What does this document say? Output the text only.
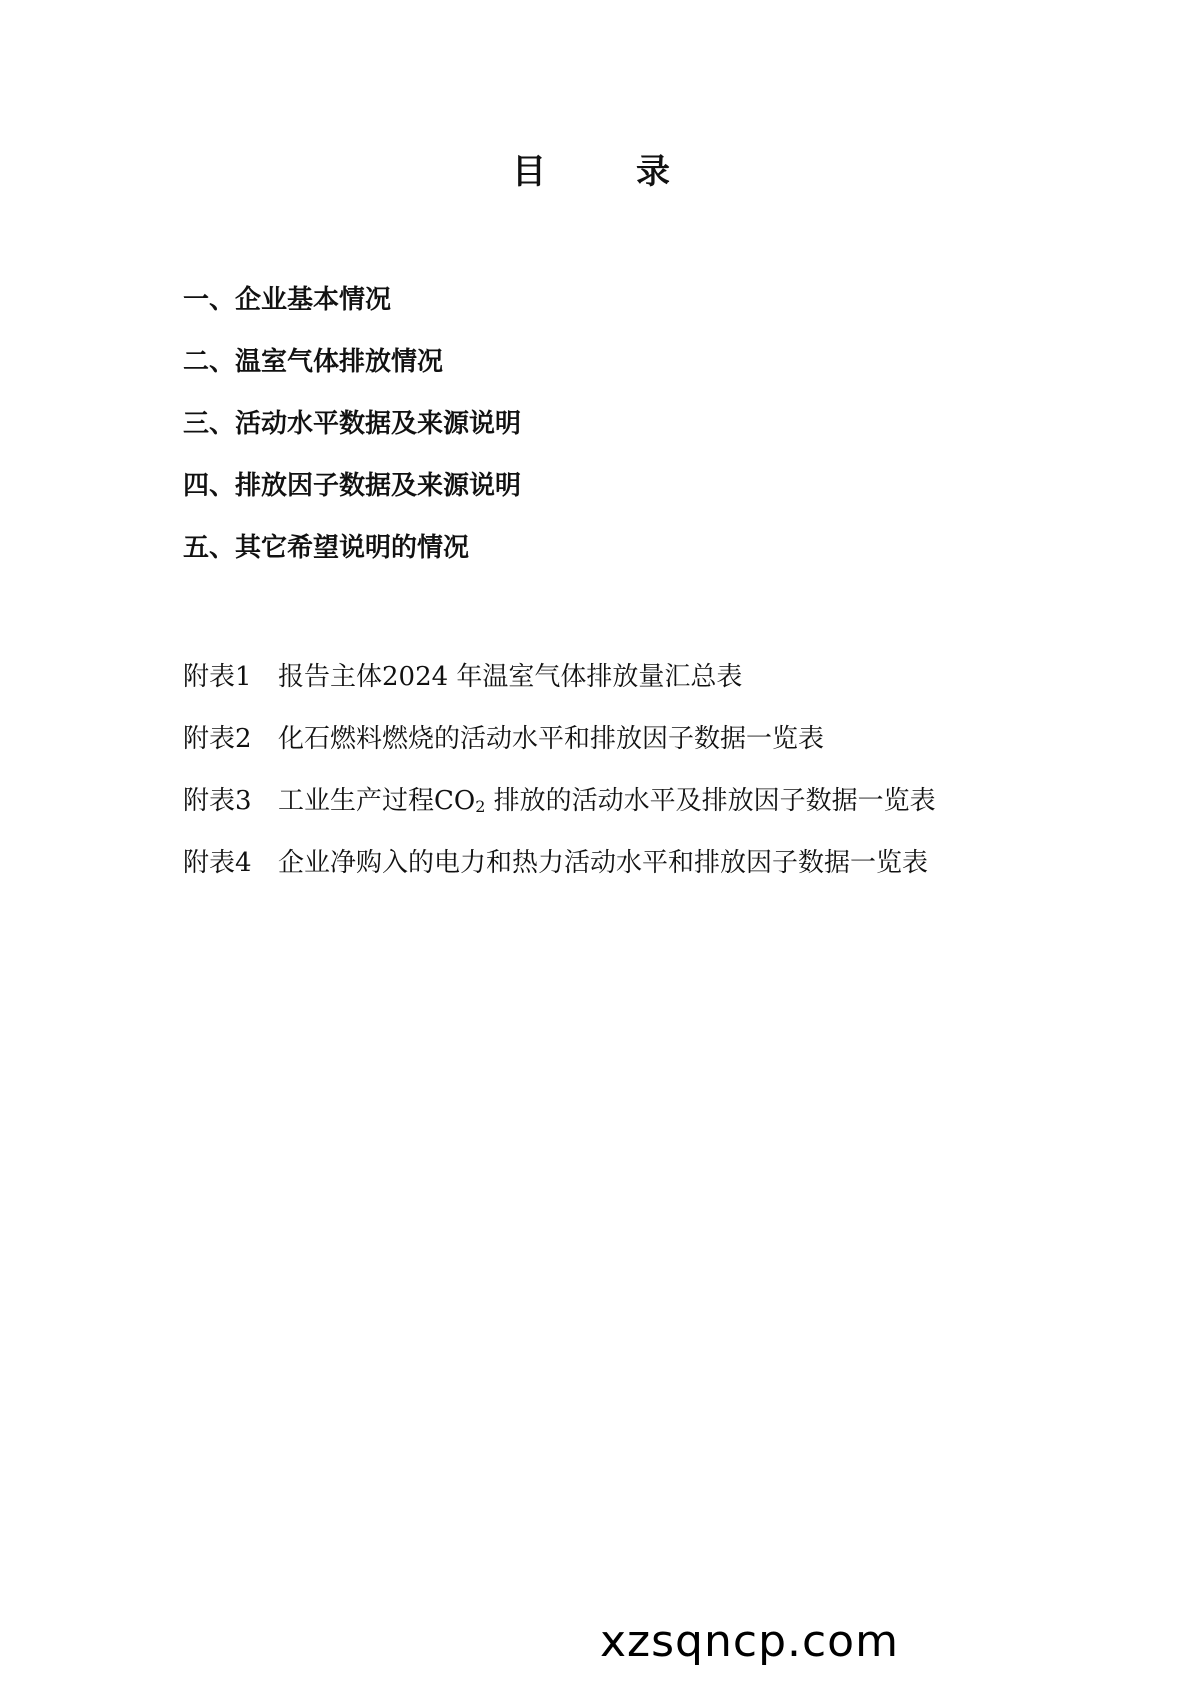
目　录
一、企业基本情况
二、温室气体排放情况
三、活动水平数据及来源说明
四、排放因子数据及来源说明
五、其它希望说明的情况
附表1 报告主体2024 年温室气体排放量汇总表
附表2 化石燃料燃烧的活动水平和排放因子数据一览表
附表3 工业生产过程CO2 排放的活动水平及排放因子数据一览表
附表4 企业净购入的电力和热力活动水平和排放因子数据一览表
xzsqncp.com
